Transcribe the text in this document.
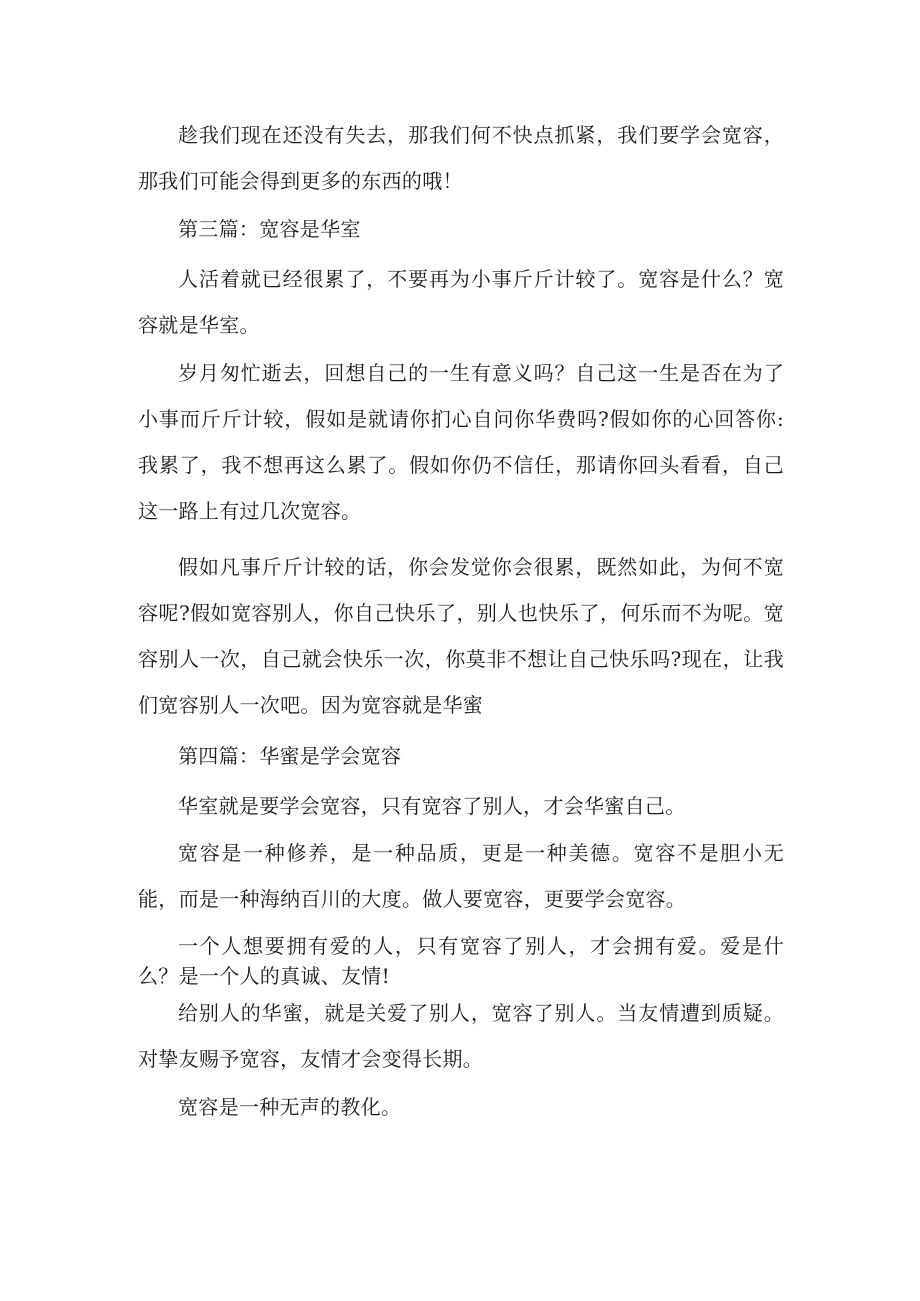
趁我们现在还没有失去，那我们何不快点抓紧，我们要学会宽容，那我们可能会得到更多的东西的哦！

第三篇：宽容是华室

人活着就已经很累了，不要再为小事斤斤计较了。宽容是什么？宽容就是华室。

岁月匆忙逝去，回想自己的一生有意义吗？自己这一生是否在为了小事而斤斤计较，假如是就请你扪心自问你华费吗?假如你的心回答你:我累了，我不想再这么累了。假如你仍不信任，那请你回头看看，自己这一路上有过几次宽容。

假如凡事斤斤计较的话，你会发觉你会很累，既然如此，为何不宽容呢?假如宽容别人，你自己快乐了，别人也快乐了，何乐而不为呢。宽容别人一次，自己就会快乐一次，你莫非不想让自己快乐吗?现在，让我们宽容别人一次吧。因为宽容就是华蜜

第四篇：华蜜是学会宽容

华室就是要学会宽容，只有宽容了别人，才会华蜜自己。

宽容是一种修养，是一种品质，更是一种美德。宽容不是胆小无能，而是一种海纳百川的大度。做人要宽容，更要学会宽容。

一个人想要拥有爱的人，只有宽容了别人，才会拥有爱。爱是什么？是一个人的真诚、友情!

给别人的华蜜，就是关爱了别人，宽容了别人。当友情遭到质疑。对挚友赐予宽容，友情才会变得长期。

宽容是一种无声的教化。
